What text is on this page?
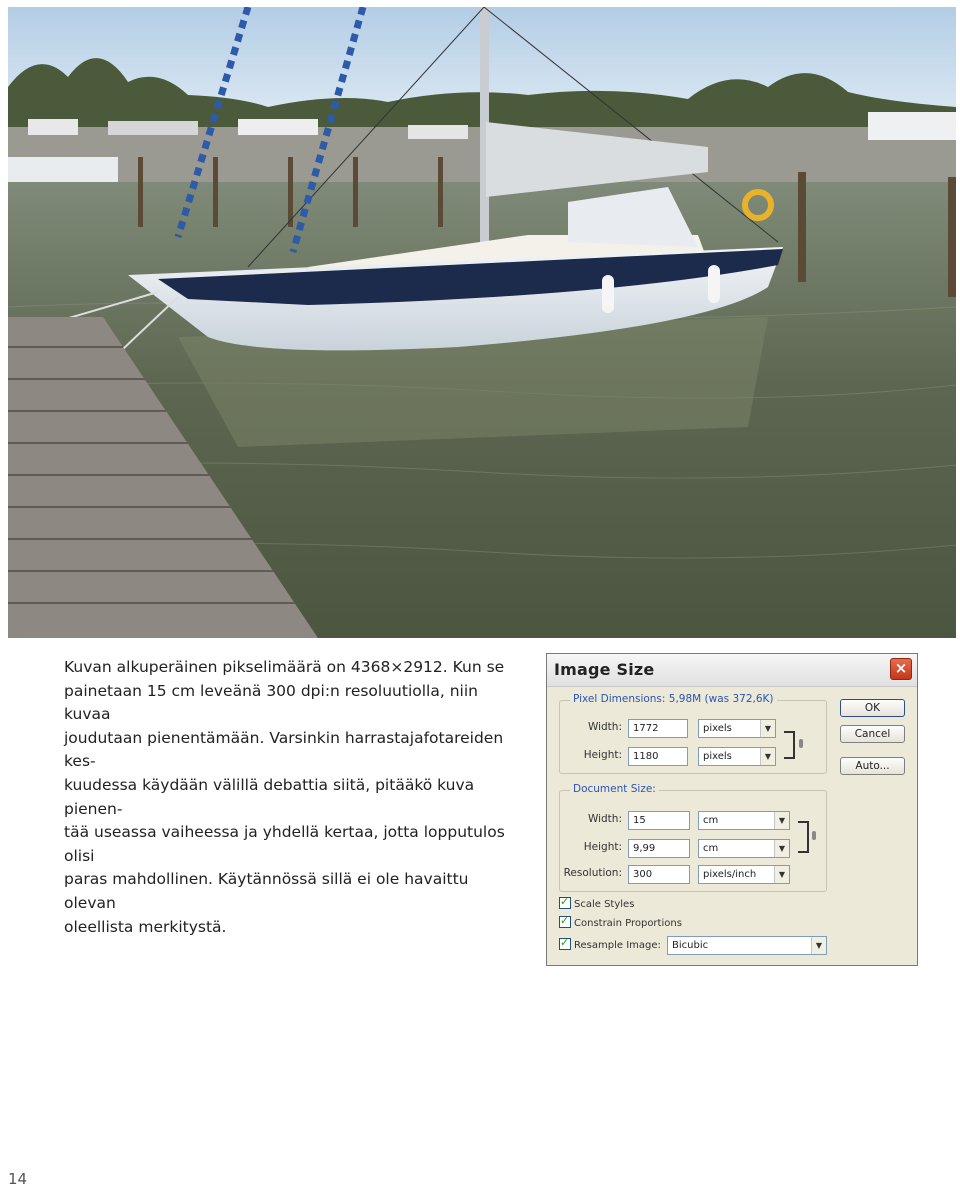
Kuvan alkuperäinen pikselimäärä on 4368×2912. Kun se
painetaan 15 cm leveänä 300 dpi:n resoluutiolla, niin kuvaa
joudutaan pienentämään. Varsinkin harrastajafotareiden kes-
kuudessa käydään välillä debattia siitä, pitääkö kuva pienen-
tää useassa vaiheessa ja yhdellä kertaa, jotta lopputulos olisi
paras mahdollinen. Käytännössä sillä ei ole havaittu olevan
oleellista merkitystä.
Image Size	×
Pixel Dimensions: 5,98M (was 372,6K)
Width:	1772	pixels	▼
Height:	1180	pixels	▼
Document Size:
Width:	15	cm	▼
Height:	9,99	cm	▼
Resolution:	300	pixels/inch	▼
OK
Cancel
Auto...
✓Scale Styles
✓Constrain Proportions
✓Resample Image:	Bicubic	▼
14
